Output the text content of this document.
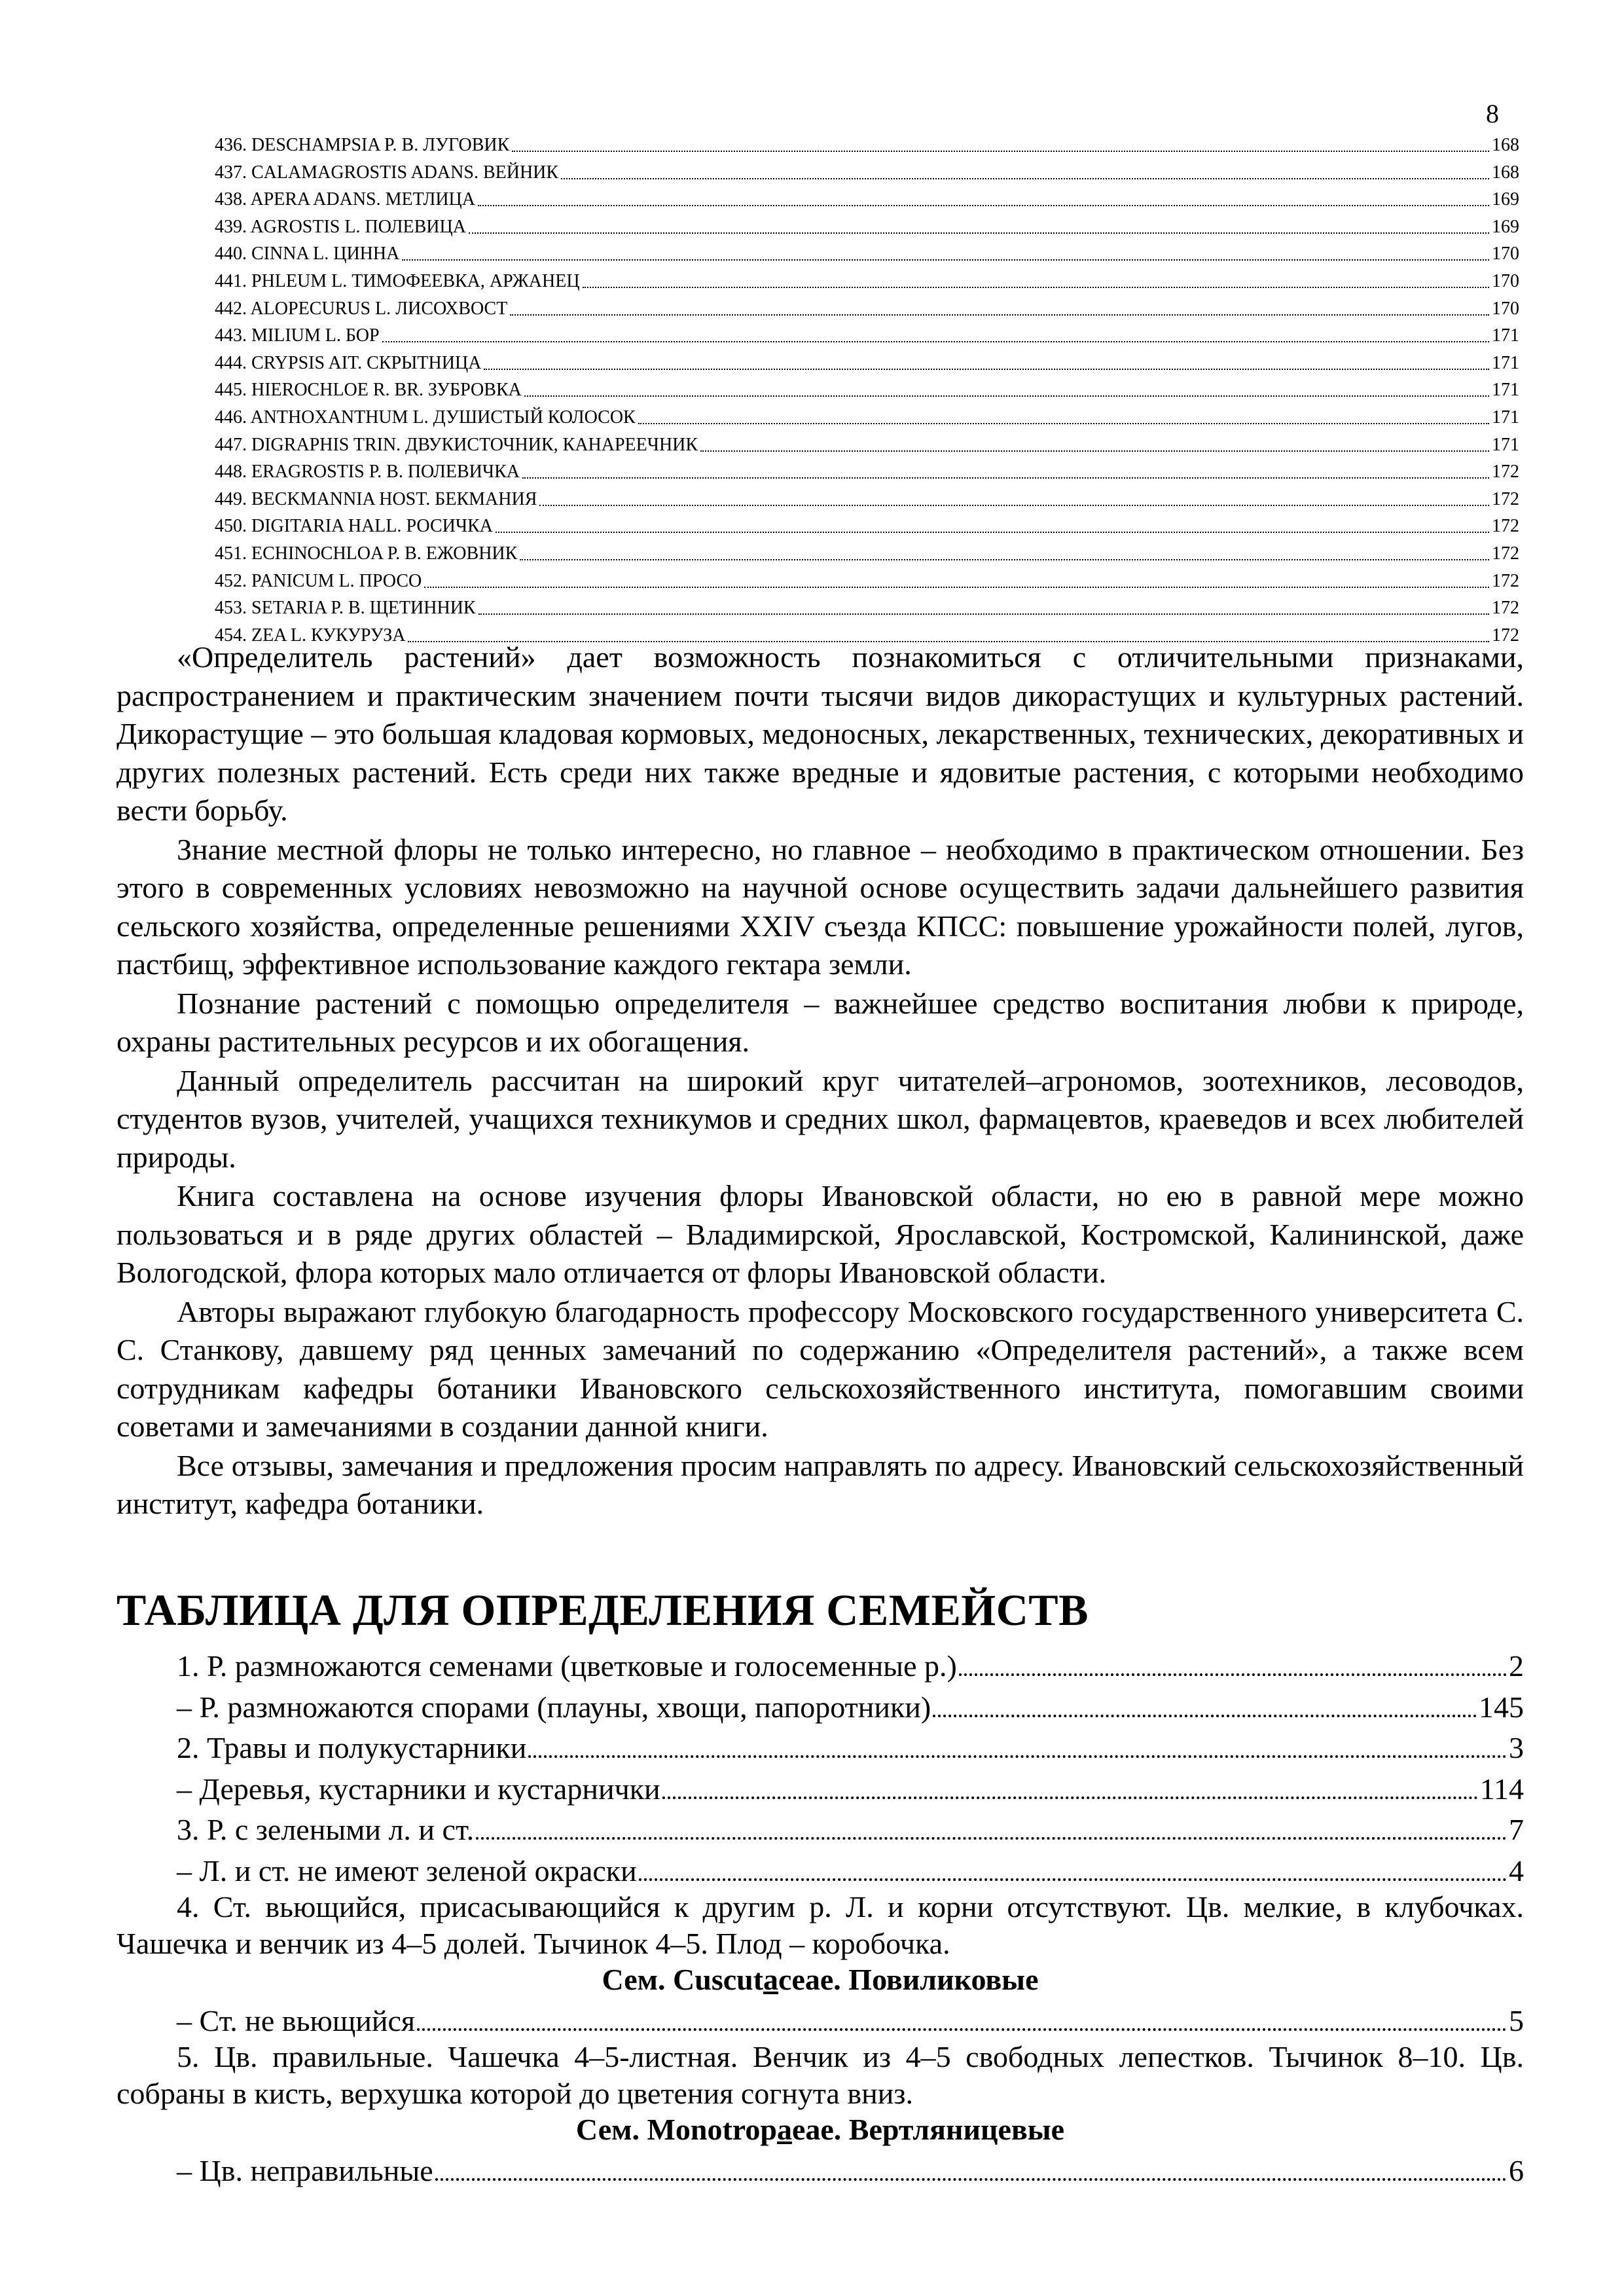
8
436. DESCHAMPSIA P. B. ЛУГОВИК	168
437. CALAMAGROSTIS ADANS. ВЕЙНИК	168
438. APERA ADANS. МЕТЛИЦА	169
439. AGROSTIS L. ПОЛЕВИЦА	169
440. CINNA L. ЦИННА	170
441. PHLEUM L. ТИМОФЕЕВКА, АРЖАНЕЦ	170
442. ALOPECURUS L. ЛИСОХВОСТ	170
443. MILIUM L. БОР	171
444. CRYPSIS AIT. СКРЫТНИЦА	171
445. HIEROCHLOE R. BR. ЗУБРОВКА	171
446. ANTHOXANTHUM L. ДУШИСТЫЙ КОЛОСОК	171
447. DIGRAPHIS TRIN. ДВУКИСТОЧНИК, КАНАРЕЕЧНИК	171
448. ERAGROSTIS P. B. ПОЛЕВИЧКА	172
449. BECKMANNIA HOST. БЕКМАНИЯ	172
450. DIGITARIA HALL. РОСИЧКА	172
451. ECHINOCHLOA P. B. ЕЖОВНИК	172
452. PANICUM L. ПРОСО	172
453. SETARIA P. B. ЩЕТИННИК	172
454. ZEA L. КУКУРУЗА	172

«Определитель растений» дает возможность познакомиться с отличительными признаками, распространением и практическим значением почти тысячи видов дикорастущих и культурных растений. Дикорастущие – это большая кладовая кормовых, медоносных, лекарственных, технических, декоративных и других полезных растений. Есть среди них также вредные и ядовитые растения, с которыми необходимо вести борьбу.

Знание местной флоры не только интересно, но главное – необходимо в практическом отношении. Без этого в современных условиях невозможно на научной основе осуществить задачи дальнейшего развития сельского хозяйства, определенные решениями XXIV съезда КПСС: повышение урожайности полей, лугов, пастбищ, эффективное использование каждого гектара земли.

Познание растений с помощью определителя – важнейшее средство воспитания любви к природе, охраны растительных ресурсов и их обогащения.

Данный определитель рассчитан на широкий круг читателей–агрономов, зоотехников, лесоводов, студентов вузов, учителей, учащихся техникумов и средних школ, фармацевтов, краеведов и всех любителей природы.

Книга составлена на основе изучения флоры Ивановской области, но ею в равной мере можно пользоваться и в ряде других областей – Владимирской, Ярославской, Костромской, Калининской, даже Вологодской, флора которых мало отличается от флоры Ивановской области.

Авторы выражают глубокую благодарность профессору Московского государственного университета С. С. Станкову, давшему ряд ценных замечаний по содержанию «Определителя растений», а также всем сотрудникам кафедры ботаники Ивановского сельскохозяйственного института, помогавшим своими советами и замечаниями в создании данной книги.

Все отзывы, замечания и предложения просим направлять по адресу. Ивановский сельскохозяйственный институт, кафедра ботаники.

ТАБЛИЦА ДЛЯ ОПРЕДЕЛЕНИЯ СЕМЕЙСТВ
1. Р. размножаются семенами (цветковые и голосеменные р.)	2
– Р. размножаются спорами (плауны, хвощи, папоротники)	145
2. Травы и полукустарники	3
– Деревья, кустарники и кустарнички	114
3. Р. с зелеными л. и ст.	7
– Л. и ст. не имеют зеленой окраски	4
4. Ст. вьющийся, присасывающийся к другим р. Л. и корни отсутствуют. Цв. мелкие, в клубочках. Чашечка и венчик из 4–5 долей. Тычинок 4–5. Плод – коробочка.
Сем. Cuscutaceae. Повиликовые
– Ст. не вьющийся	5
5. Цв. правильные. Чашечка 4–5-листная. Венчик из 4–5 свободных лепестков. Тычинок 8–10. Цв. собраны в кисть, верхушка которой до цветения согнута вниз.
Сем. Monotropaeae. Вертляницевые
– Цв. неправильные	6
